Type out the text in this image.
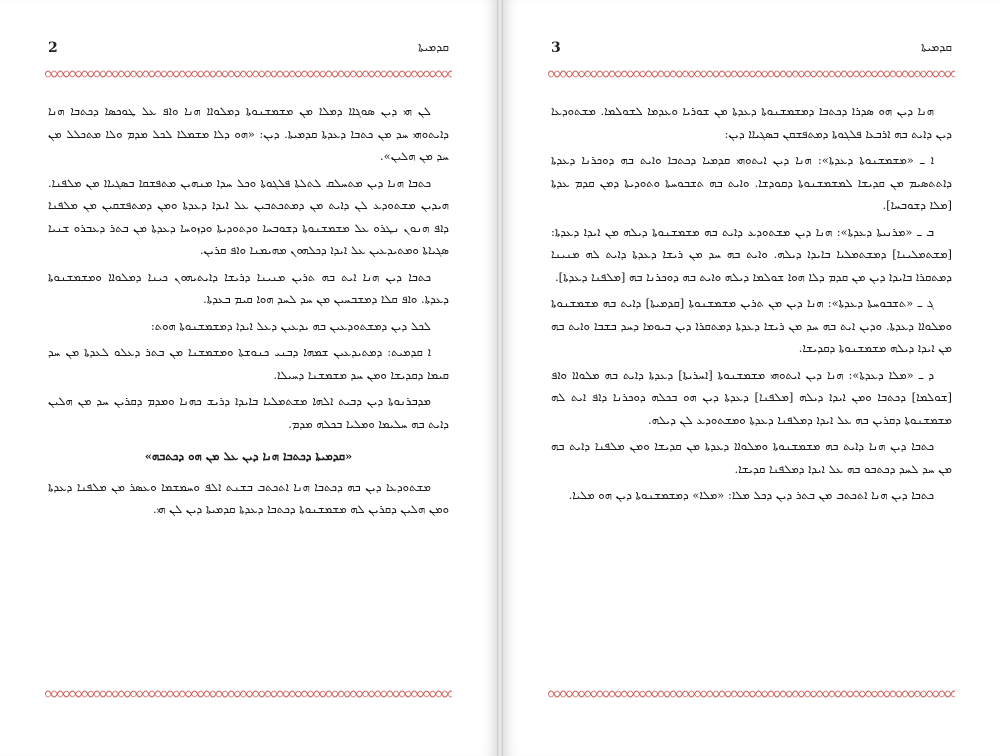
2	ܩܕܡܝܬܐ

ܠܢ ܗܝ ܕܝܢ ܣܘܓܐܐ ܕܡܠܐ ܡܢ ܡܫܡܫܢܘܬܐ ܕܡܠܘܐܐ ܗܢܐ ܘܐܦ ܥܠ ܛܘܟܣܐ ܕܟܬܒܐ ܗܢܐ ܕܐܝܬܘܗܝ ܚܕ ܡܢ ܟܬܒܐ ܕܥܕܬܐ ܩܕܡܝܬܐ. ܕܝܢ: «ܗܘ ܕܠܐ ܡܫܡܠܐ ܠܟܠ ܡܕܡ ܘܠܐ ܡܬܟܠܠ ܡܢ ܚܕ ܡܢ ܗܠܝܢ».

ܟܬܒܐ ܗܢܐ ܕܝܢ ܡܬܚܠܩ ܠܬܠܬܐ ܦܠܓܘܬܐ ܘܟܠ ܚܕܐ ܡܢܗܝܢ ܡܬܦܫܩܐ ܒܣܓܝܐܐ ܡܢ ܡܠܦܢܐ. ܗܝܕܝܢ ܡܫܬܘܕܥ ܠܢ ܕܐܝܬ ܡܢ ܕܡܬܟܬܒܝܢ ܥܠ ܐܝܕܐ ܕܥܕܬܐ ܘܡܢ ܕܡܬܦܫܩܝܢ ܡܢ ܡܠܦܢܐ ܕܐܦ ܗܢܘܢ ܢܛܪܘ ܥܠ ܡܫܡܫܢܘܬܐ ܕܫܘܒܚܐ ܘܕܬܘܕܝܬܐ ܘܕܙܘܚܐ ܕܥܕܬܐ ܡܢ ܒܬܪ ܕܥܒܪܘ ܫܢܝܐ ܣܓܝܐܬܐ ܘܡܬܝܕܥܝܢ ܥܠ ܐܝܕܐ ܕܟܠܗܘܢ ܡܗܝܡܢܐ ܘܐܦ ܩܪܝܢ.

ܟܬܒܐ ܕܝܢ ܗܢܐ ܐܝܬ ܒܗ ܬܪܝܢ ܡܢܝܢܐ ܕܪܝܫܐ ܕܐܝܬܝܗܘܢ ܟܝܢܐ ܕܡܠܘܐܐ ܘܡܫܡܫܢܘܬܐ ܕܥܕܬܐ. ܘܐܦ ܩܠܐ ܕܡܫܒܚܝܢ ܡܢ ܚܕ ܠܚܕ ܗܘܐ ܩܝܡ ܒܥܕܬܐ.

ܠܟܠ ܕܝܢ ܕܡܫܬܘܕܥܝܢ ܒܗ ܝܕܥܝܢ ܕܥܠ ܐܝܕܐ ܕܡܫܡܫܢܘܬܐ ܗܘܬ:

ܐ ܩܕܡܝܬ: ܕܡܬܝܕܥܝܢ ܫܡܗܐ ܕܒܢܝ ܟܢܘܫܬܐ ܘܡܫܡܫܢܐ ܡܢ ܒܬܪ ܕܥܠܘ ܠܥܕܬܐ ܡܢ ܚܕ ܩܝܡܐ ܕܩܕܝܫܐ ܘܡܢ ܚܕ ܡܫܡܫܢܐ ܕܚܝܠܐ.

ܡܕܒܪܢܘܬܐ ܕܝܢ ܕܒܝܬ ܐܠܗܐ ܡܫܬܡܠܝܐ ܒܐܝܕܐ ܕܪܝܫ ܟܗܢܐ ܘܡܕܡ ܕܩܪܝܢ ܚܕ ܡܢ ܗܠܝܢ ܕܐܝܬ ܒܗ ܚܠܝܡܐ ܘܡܠܝܐ ܒܟܠܗ ܡܕܡ.

«ܩܕܡܝܬܐ ܕܟܬܒܐ ܗܢܐ ܕܝܢ ܥܠ ܡܢ ܗܘ ܕܟܬܒܗ»

ܡܫܬܘܕܥܐ ܕܝܢ ܒܗ ܕܟܬܒܐ ܗܢܐ ܐܬܟܬܒ ܒܫܢܬ ܐܠܦ ܘܚܡܫܡܐ ܘܥܣܪ ܡܢ ܡܠܦܢܐ ܕܥܕܬܐ ܘܡܢ ܗܠܝܢ ܕܩܪܝܢ ܠܗ ܡܫܡܫܢܘܬܐ ܕܟܬܒܐ ܕܥܕܬܐ ܩܕܡܝܬܐ ܕܝܢ ܠܢ ܗܝ.

3	ܩܕܡܝܬܐ

ܗܢܐ ܕܝܢ ܗܘ ܣܕܪܐ ܕܟܬܒܐ ܕܡܫܡܫܢܘܬܐ ܕܥܕܬܐ ܡܢ ܫܘܪܝܐ ܘܥܕܡܐ ܠܫܘܠܡܐ. ܡܫܬܘܕܥܐ ܕܝܢ ܕܐܝܬ ܒܗ ܐܪܒܥܐ ܦܠܓܘܬܐ ܕܡܬܦܫܩܢ ܒܣܓܝܐܐ ܕܝܢ:

ܐ ـ «ܡܫܡܫܢܘܬܐ ܕܥܕܬܐ»: ܗܢܐ ܕܝܢ ܐܝܬܘܗܝ ܩܕܡܝܐ ܕܟܬܒܐ ܘܐܝܬ ܒܗ ܕܘܟܪܢܐ ܕܥܕܬܐ ܕܐܬܬܣܝܡ ܡܢ ܩܕܝܫܐ ܠܡܫܡܫܢܘܬܐ ܕܩܘܕܫܐ. ܘܐܝܬ ܒܗ ܬܫܒܘܚܬܐ ܘܬܘܕܝܬܐ ܕܡܢ ܩܕܡ ܥܕܬܐ [ܡܠܐ ܕܫܘܒܚܐ].

ܒ ـ «ܡܪܢܝܬܐ ܕܥܕܬܐ»: ܗܢܐ ܕܝܢ ܡܫܬܘܕܥ ܕܐܝܬ ܒܗ ܡܫܡܫܢܘܬܐ ܕܝܠܗ ܡܢ ܐܝܕܐ ܕܥܕܬܐ: [ܡܫܬܡܠܝܢܐ] ܕܡܫܬܡܠܝܐ ܒܐܝܕܐ ܕܝܠܗ. ܘܐܝܬ ܒܗ ܚܕ ܡܢ ܪܝܫܐ ܕܥܕܬܐ ܕܐܝܬ ܠܗ ܡܢܝܢܐ ܕܡܬܩܪܐ ܒܐܝܕܐ ܕܝܢ ܡܢ ܩܕܡ ܕܠܐ ܗܘܐ ܫܘܠܡܐ ܕܝܠܗ ܘܐܝܬ ܒܗ ܕܘܟܪܢܐ ܒܗ [ܡܠܦܢܐ ܕܥܕܬܐ].

ܓ ـ «ܬܫܒܘܚܬܐ ܕܥܕܬܐ»: ܗܢܐ ܕܝܢ ܡܢ ܬܪܝܢ ܡܫܡܫܢܘܬܐ [ܩܕܡܝܬܐ] ܕܐܝܬ ܒܗ ܡܫܡܫܢܘܬܐ ܘܡܠܘܐܐ ܕܥܕܬܐ. ܘܕܝܢ ܐܝܬ ܒܗ ܚܕ ܡܢ ܪܝܫܐ ܕܥܕܬܐ ܕܡܬܩܪܐ ܕܝܢ ܒܝܘܡܐ ܕܚܕ ܒܫܒܐ ܘܐܝܬ ܒܗ ܡܢ ܐܝܕܐ ܕܝܠܗ ܡܫܡܫܢܘܬܐ ܕܩܕܝܫܐ.

ܕ ـ «ܡܠܐ ܕܥܕܬܐ»: ܗܢܐ ܕܝܢ ܐܝܬܘܗܝ ܡܫܡܫܢܘܬܐ [ܐܚܪܝܬܐ] ܕܥܕܬܐ ܕܐܝܬ ܒܗ ܡܠܘܐܐ ܘܐܦ [ܫܘܠܡܐ] ܕܟܬܒܐ ܘܡܢ ܐܝܕܐ ܕܝܠܗ [ܡܠܦܢܐ] ܕܥܕܬܐ ܕܝܢ ܗܘ ܒܟܠܗ ܕܘܟܪܢܐ ܕܐܦ ܐܝܬ ܠܗ ܡܫܡܫܢܘܬܐ ܕܩܪܝܢ ܒܗ ܥܠ ܐܝܕܐ ܕܡܠܦܢܐ ܕܥܕܬܐ ܘܡܫܬܘܕܥ ܠܢ ܕܝܠܗ.

ܟܬܒܐ ܕܝܢ ܗܢܐ ܕܐܝܬ ܒܗ ܡܫܡܫܢܘܬܐ ܘܡܠܘܐܐ ܕܥܕܬܐ ܡܢ ܩܕܝܫܐ ܘܡܢ ܡܠܦܢܐ ܕܐܝܬ ܒܗ ܡܢ ܚܕ ܠܚܕ ܕܟܬܒܘ ܒܗ ܥܠ ܐܝܕܐ ܕܡܠܦܢܐ ܩܕܝܫܐ.

ܟܬܒܐ ܕܝܢ ܗܢܐ ܐܬܟܬܒ ܡܢ ܒܬܪ ܕܝܢ ܕܟܠ ܡܠܐ: «ܡܠܐ» ܕܡܫܡܫܢܘܬܐ ܕܝܢ ܗܘ ܡܠܝܐ.
